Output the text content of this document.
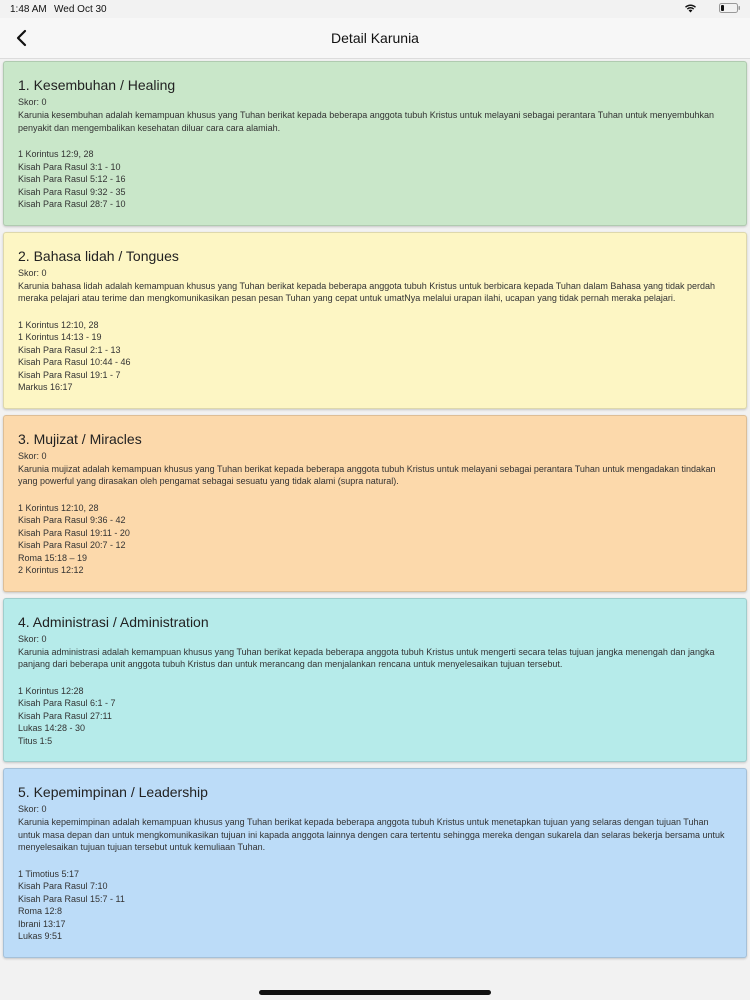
1:48 AM Wed Oct 30
Detail Karunia
1. Kesembuhan / Healing
Skor: 0
Karunia kesembuhan adalah kemampuan khusus yang Tuhan berikat kepada beberapa anggota tubuh Kristus untuk melayani sebagai perantara Tuhan untuk menyembuhkan penyakit dan mengembalikan kesehatan diluar cara cara alamiah.
1 Korintus 12:9, 28
Kisah Para Rasul 3:1 - 10
Kisah Para Rasul 5:12 - 16
Kisah Para Rasul 9:32 - 35
Kisah Para Rasul 28:7 - 10
2. Bahasa lidah / Tongues
Skor: 0
Karunia bahasa lidah adalah kemampuan khusus yang Tuhan berikat kepada beberapa anggota tubuh Kristus untuk berbicara kepada Tuhan dalam Bahasa yang tidak perdah meraka pelajari atau terime dan mengkomunikasikan pesan pesan Tuhan yang cepat untuk umatNya melalui urapan ilahi, ucapan yang tidak pernah meraka pelajari.
1 Korintus 12:10, 28
1 Korintus 14:13 - 19
Kisah Para Rasul 2:1 - 13
Kisah Para Rasul 10:44 - 46
Kisah Para Rasul 19:1 - 7
Markus 16:17
3. Mujizat / Miracles
Skor: 0
Karunia mujizat adalah kemampuan khusus yang Tuhan berikat kepada beberapa anggota tubuh Kristus untuk melayani sebagai perantara Tuhan untuk mengadakan tindakan yang powerful yang dirasakan oleh pengamat sebagai sesuatu yang tidak alami (supra natural).
1 Korintus 12:10, 28
Kisah Para Rasul 9:36 - 42
Kisah Para Rasul 19:11 - 20
Kisah Para Rasul 20:7 - 12
Roma 15:18 – 19
2 Korintus 12:12
4. Administrasi / Administration
Skor: 0
Karunia administrasi adalah kemampuan khusus yang Tuhan berikat kepada beberapa anggota tubuh Kristus untuk mengerti secara telas tujuan jangka menengah dan jangka panjang dari beberapa unit anggota tubuh Kristus dan untuk merancang dan menjalankan rencana untuk menyelesaikan tujuan tersebut.
1 Korintus 12:28
Kisah Para Rasul 6:1 - 7
Kisah Para Rasul 27:11
Lukas 14:28 - 30
Titus 1:5
5. Kepemimpinan / Leadership
Skor: 0
Karunia kepemimpinan adalah kemampuan khusus yang Tuhan berikat kepada beberapa anggota tubuh Kristus untuk menetapkan tujuan yang selaras dengan tujuan Tuhan untuk masa depan dan untuk mengkomunikasikan tujuan ini kapada anggota lainnya dengen cara tertentu sehingga mereka dengan sukarela dan selaras bekerja bersama untuk menyelesaikan tujuan tujuan tersebut untuk kemuliaan Tuhan.
1 Timotius 5:17
Kisah Para Rasul 7:10
Kisah Para Rasul 15:7 - 11
Roma 12:8
Ibrani 13:17
Lukas 9:51
